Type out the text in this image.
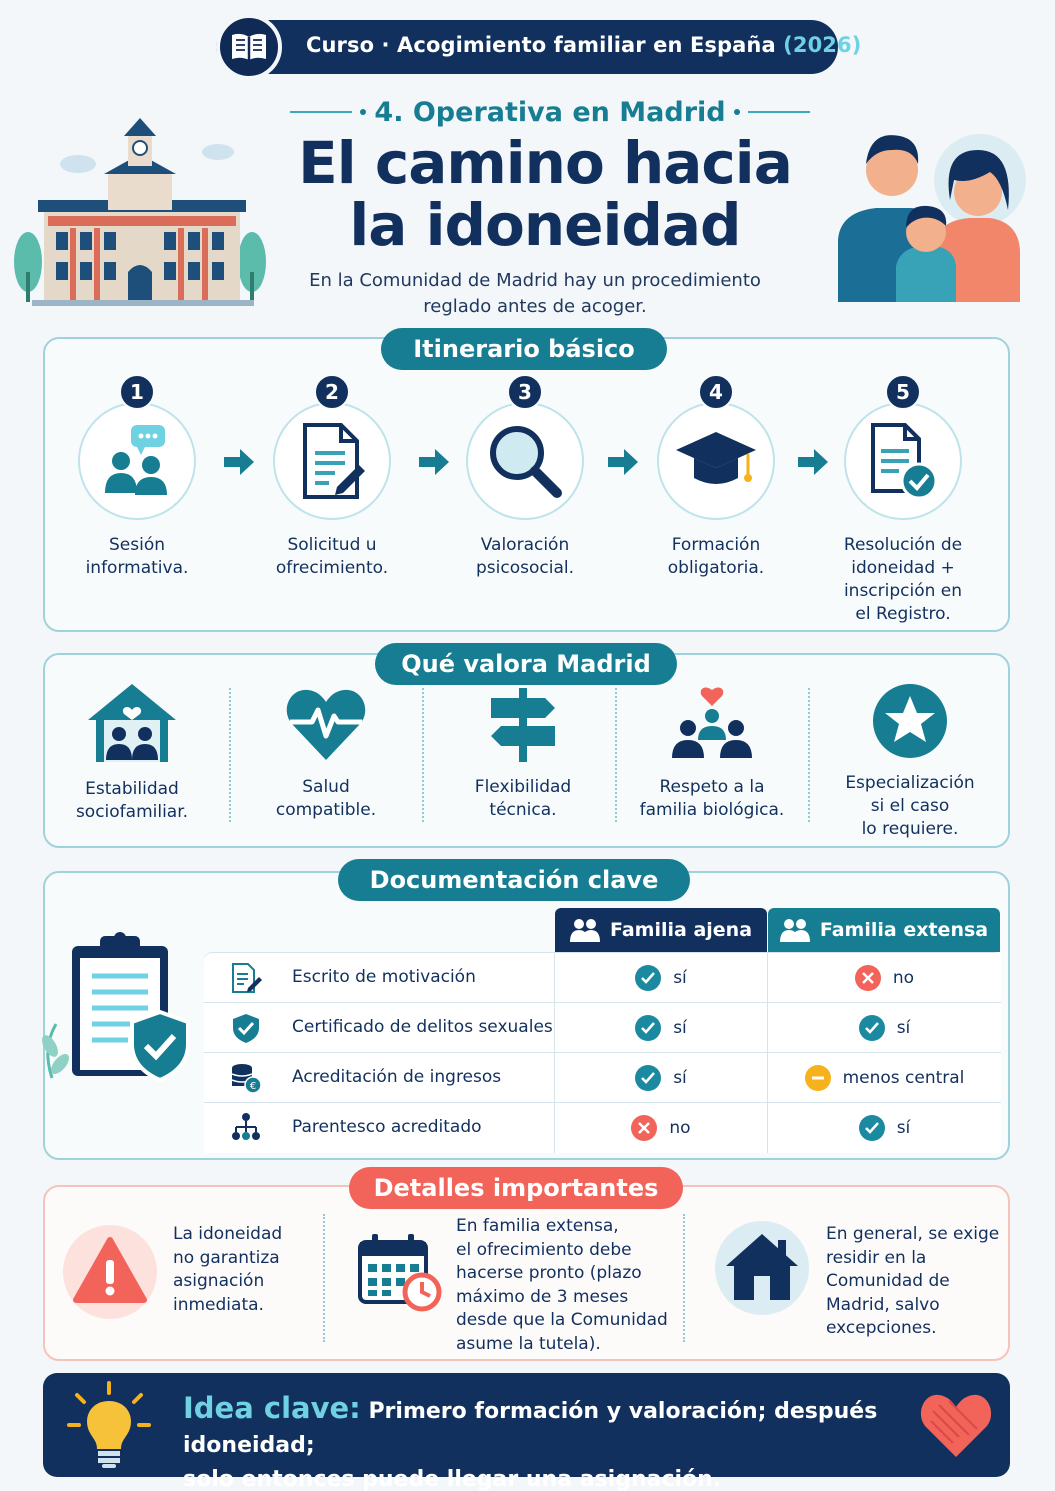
Curso · Acogimiento familiar en España (2026)
4. Operativa en Madrid
El camino hacia
la idoneidad
En la Comunidad de Madrid hay un procedimiento
reglado antes de acoger.
Itinerario básico
1
Sesión
informativa.
2
Solicitud u
ofrecimiento.
3
Valoración
psicosocial.
4
Formación
obligatoria.
5
Resolución de
idoneidad +
inscripción en
el Registro.
Qué valora Madrid
Estabilidad
sociofamiliar.
Salud
compatible.
Flexibilidad
técnica.
Respeto a la
familia biológica.
Especialización
si el caso
lo requiere.
Documentación clave
Familia ajena	Familia extensa
Escrito de motivación	sí	no
Certificado de delitos sexuales	sí	sí
€ Acreditación de ingresos	sí	menos central
Parentesco acreditado	no	sí
Detalles importantes
La idoneidad
no garantiza
asignación
inmediata.
En familia extensa,
el ofrecimiento debe
hacerse pronto (plazo
máximo de 3 meses
desde que la Comunidad
asume la tutela).
En general, se exige
residir en la
Comunidad de
Madrid, salvo
excepciones.
Idea clave: Primero formación y valoración; después idoneidad;
solo entonces puede llegar una asignación.
